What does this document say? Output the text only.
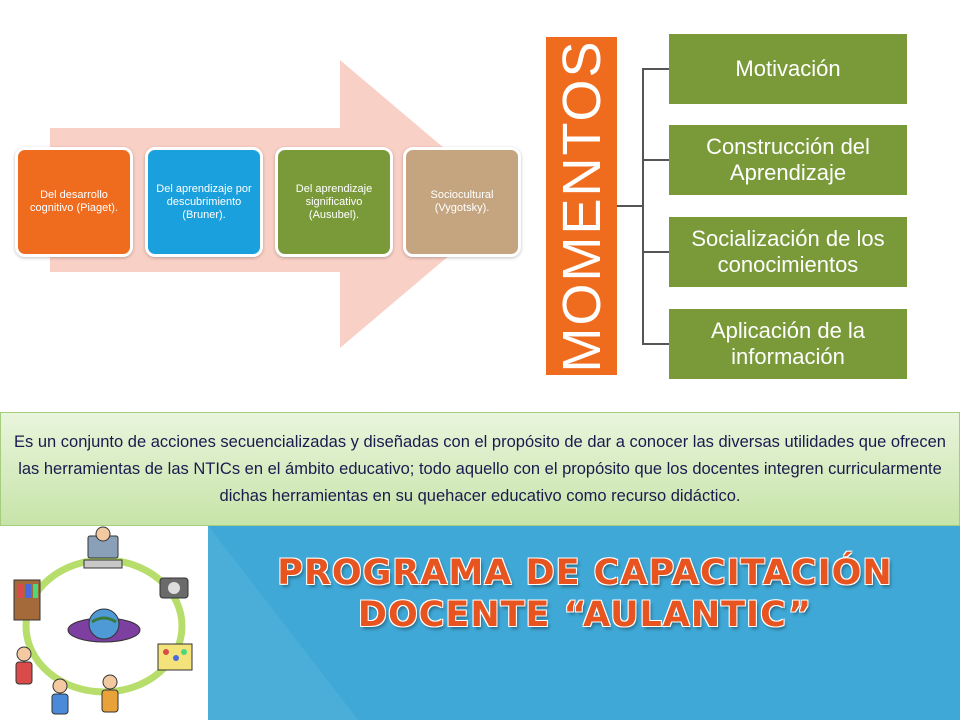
Del desarrollo cognitivo (Piaget).
Del aprendizaje por descubrimiento (Bruner).
Del aprendizaje significativo (Ausubel).
Sociocultural (Vygotsky).	MOMENTOS	Motivación
Construcción del Aprendizaje
Socialización de los conocimientos
Aplicación de la información
Es un conjunto de acciones secuencializadas y diseñadas con el propósito de dar a conocer las diversas utilidades que ofrecen las herramientas de las NTICs en el ámbito educativo; todo aquello con el propósito que los docentes integren curricularmente dichas herramientas en su quehacer educativo como recurso didáctico.
PROGRAMA DE CAPACITACIÓN
DOCENTE “AULANTIC”
